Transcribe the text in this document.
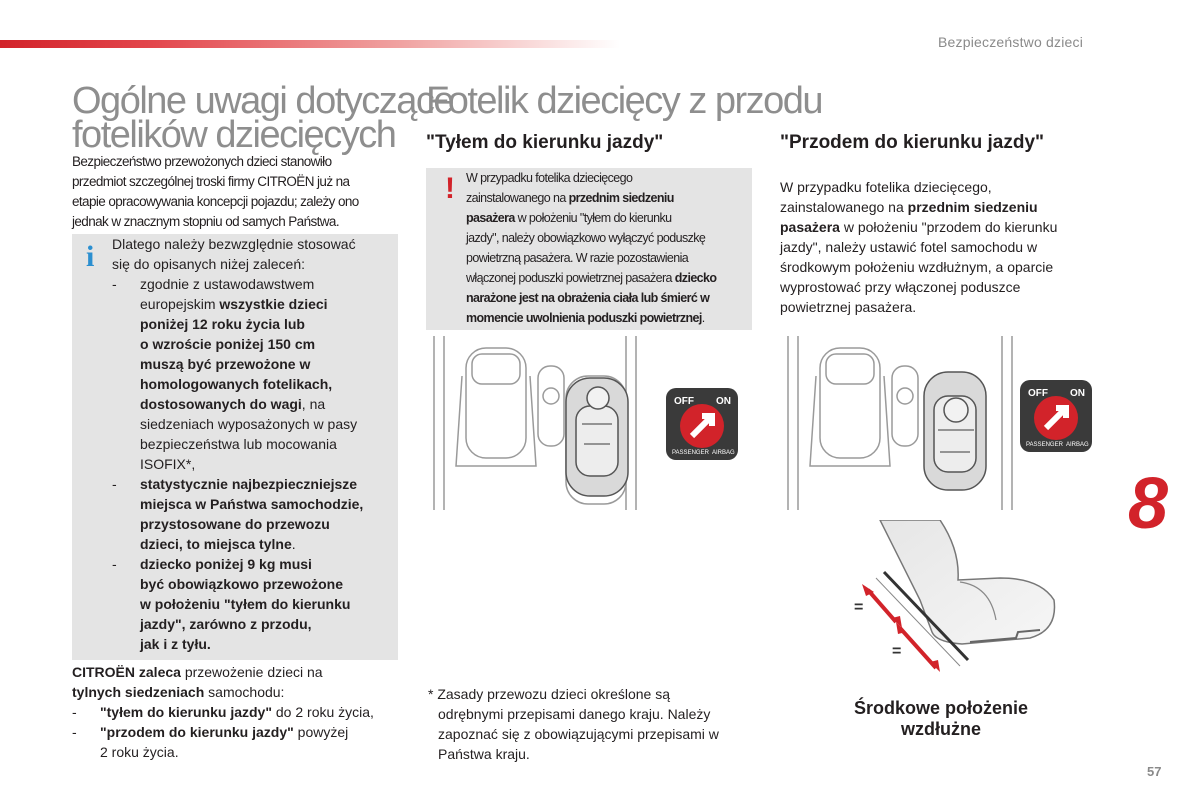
Bezpieczeństwo dzieci
8
57
Ogólne uwagi dotyczące
fotelików dziecięcych
Bezpieczeństwo przewożonych dzieci stanowiło
przedmiot szczególnej troski firmy CITROËN już na
etapie opracowywania koncepcji pojazdu; zależy ono
jednak w znacznym stopniu od samych Państwa.
i Dlatego należy bezwzględnie stosować
się do opisanych niżej zaleceń:
- zgodnie z ustawodawstwem
europejskim wszystkie dzieci
poniżej 12 roku życia lub
o wzroście poniżej 150 cm
muszą być przewożone w
homologowanych fotelikach,
dostosowanych do wagi, na
siedzeniach wyposażonych w pasy
bezpieczeństwa lub mocowania
ISOFIX*,
- statystycznie najbezpieczniejsze
miejsca w Państwa samochodzie,
przystosowane do przewozu
dzieci, to miejsca tylne.
- dziecko poniżej 9 kg musi
być obowiązkowo przewożone
w położeniu "tyłem do kierunku
jazdy", zarówno z przodu,
jak i z tyłu.
CITROËN zaleca przewożenie dzieci na
tylnych siedzeniach samochodu:
- "tyłem do kierunku jazdy" do 2 roku życia,
- "przodem do kierunku jazdy" powyżej
2 roku życia.
Fotelik dziecięcy z przodu
"Tyłem do kierunku jazdy"
! W przypadku fotelika dziecięcego
zainstalowanego na przednim siedzeniu
pasażera w położeniu "tyłem do kierunku
jazdy", należy obowiązkowo wyłączyć poduszkę
powietrzną pasażera. W razie pozostawienia
włączonej poduszki powietrznej pasażera dziecko
narażone jest na obrażenia ciała lub śmierć w
momencie uwolnienia poduszki powietrznej.
OFF ON
PASSENGER AIRBAG
* Zasady przewozu dzieci określone są
odrębnymi przepisami danego kraju. Należy
zapoznać się z obowiązującymi przepisami w
Państwa kraju.
"Przodem do kierunku jazdy"
W przypadku fotelika dziecięcego,
zainstalowanego na przednim siedzeniu
pasażera w położeniu "przodem do kierunku
jazdy", należy ustawić fotel samochodu w
środkowym położeniu wzdłużnym, a oparcie
wyprostować przy włączonej poduszce
powietrznej pasażera.
OFF ON
PASSENGER AIRBAG
=
=
Środkowe położenie
wzdłużne
